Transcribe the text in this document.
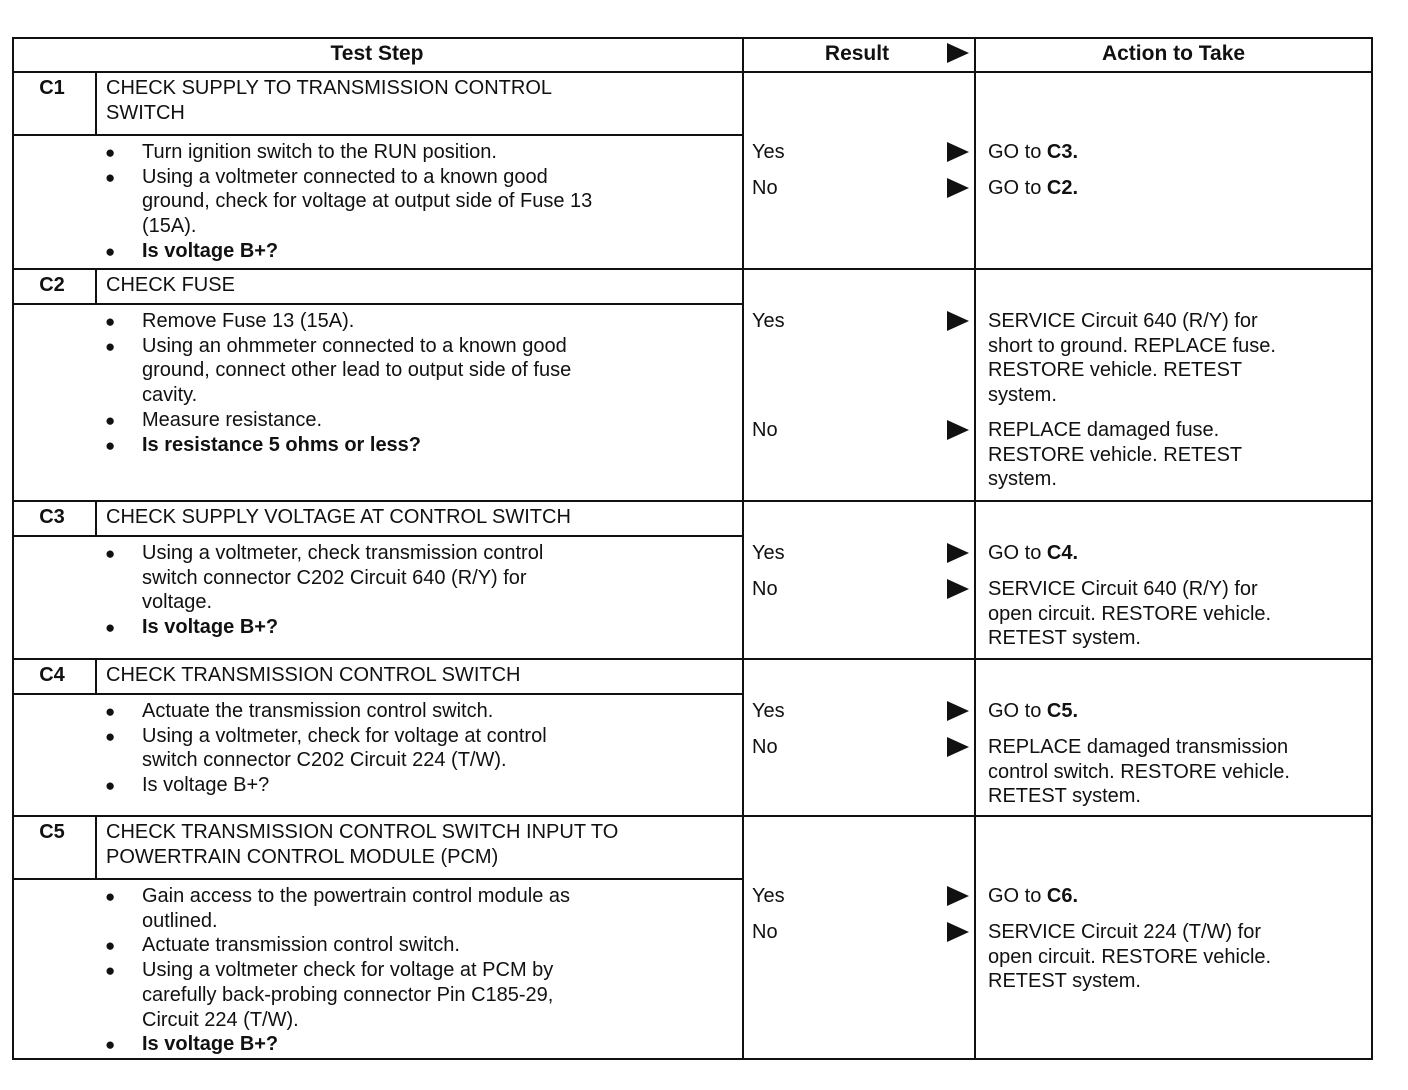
Test Step	Result	Action to Take
C1	CHECK SUPPLY TO TRANSMISSION CONTROL
SWITCH
● Turn ignition switch to the RUN position.
● Using a voltmeter connected to a known good
ground, check for voltage at output side of Fuse 13
(15A).
● Is voltage B+?
Yes	GO to C3.
No	GO to C2.
C2	CHECK FUSE
● Remove Fuse 13 (15A).
● Using an ohmmeter connected to a known good
ground, connect other lead to output side of fuse
cavity.
● Measure resistance.
● Is resistance 5 ohms or less?
Yes	SERVICE Circuit 640 (R/Y) for
short to ground. REPLACE fuse.
RESTORE vehicle. RETEST
system.
No	REPLACE damaged fuse.
RESTORE vehicle. RETEST
system.
C3	CHECK SUPPLY VOLTAGE AT CONTROL SWITCH
● Using a voltmeter, check transmission control
switch connector C202 Circuit 640 (R/Y) for
voltage.
● Is voltage B+?
Yes	GO to C4.
No	SERVICE Circuit 640 (R/Y) for
open circuit. RESTORE vehicle.
RETEST system.
C4	CHECK TRANSMISSION CONTROL SWITCH
● Actuate the transmission control switch.
● Using a voltmeter, check for voltage at control
switch connector C202 Circuit 224 (T/W).
● Is voltage B+?
Yes	GO to C5.
No	REPLACE damaged transmission
control switch. RESTORE vehicle.
RETEST system.
C5	CHECK TRANSMISSION CONTROL SWITCH INPUT TO
POWERTRAIN CONTROL MODULE (PCM)
● Gain access to the powertrain control module as
outlined.
● Actuate transmission control switch.
● Using a voltmeter check for voltage at PCM by
carefully back-probing connector Pin C185-29,
Circuit 224 (T/W).
● Is voltage B+?
Yes	GO to C6.
No	SERVICE Circuit 224 (T/W) for
open circuit. RESTORE vehicle.
RETEST system.
